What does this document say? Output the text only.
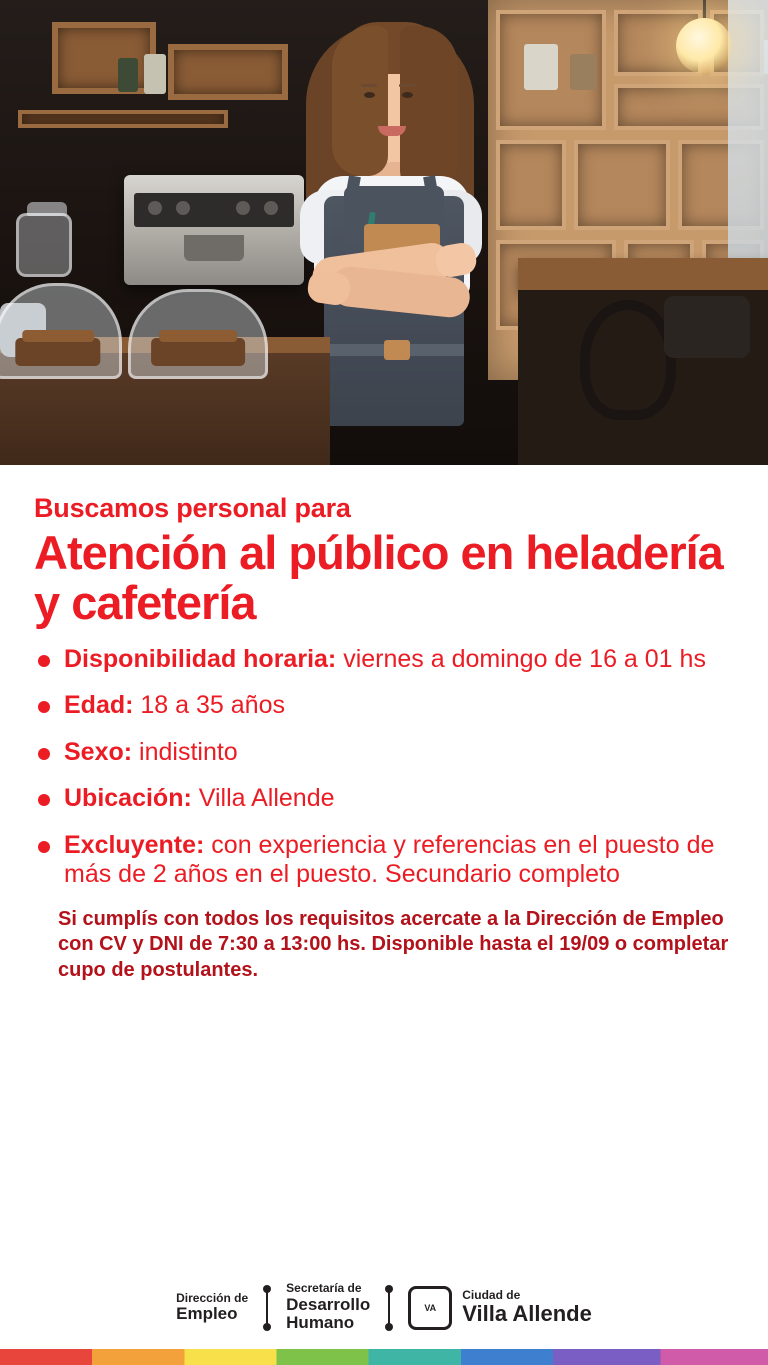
Buscamos personal para
Atención al público en heladería y cafetería
Disponibilidad horaria: viernes a domingo de 16 a 01 hs
Edad: 18 a 35 años
Sexo: indistinto
Ubicación: Villa Allende
Excluyente: con experiencia y referencias en el puesto de más de 2 años en el puesto. Secundario completo
Si cumplís con todos los requisitos acercate a la Dirección de Empleo con CV y DNI de 7:30 a 13:00 hs. Disponible hasta el 19/09 o completar cupo de postulantes.
Dirección de
Empleo
Secretaría de
Desarrollo
Humano
VA
Ciudad de
Villa Allende
